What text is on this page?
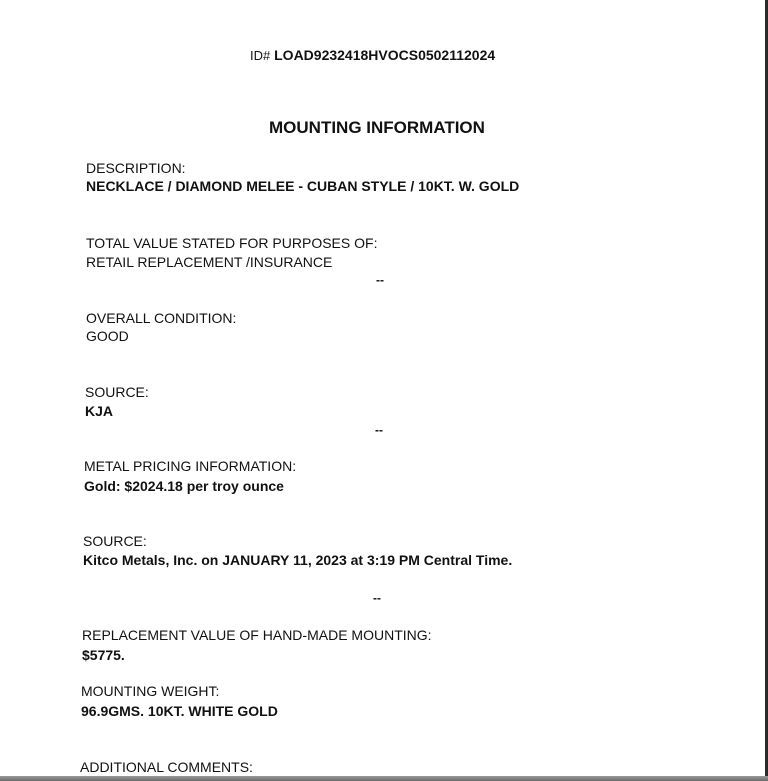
ID# LOAD9232418HVOCS0502112024
MOUNTING INFORMATION
DESCRIPTION:
NECKLACE / DIAMOND MELEE - CUBAN STYLE / 10KT. W. GOLD
TOTAL VALUE STATED FOR PURPOSES OF:
RETAIL REPLACEMENT /INSURANCE
--
OVERALL CONDITION:
GOOD
SOURCE:
KJA
--
METAL PRICING INFORMATION:
Gold: $2024.18 per troy ounce
SOURCE:
Kitco Metals, Inc. on JANUARY 11, 2023 at 3:19 PM Central Time.
--
REPLACEMENT VALUE OF HAND-MADE MOUNTING:
$5775.
MOUNTING WEIGHT:
96.9GMS. 10KT. WHITE GOLD
ADDITIONAL COMMENTS:
